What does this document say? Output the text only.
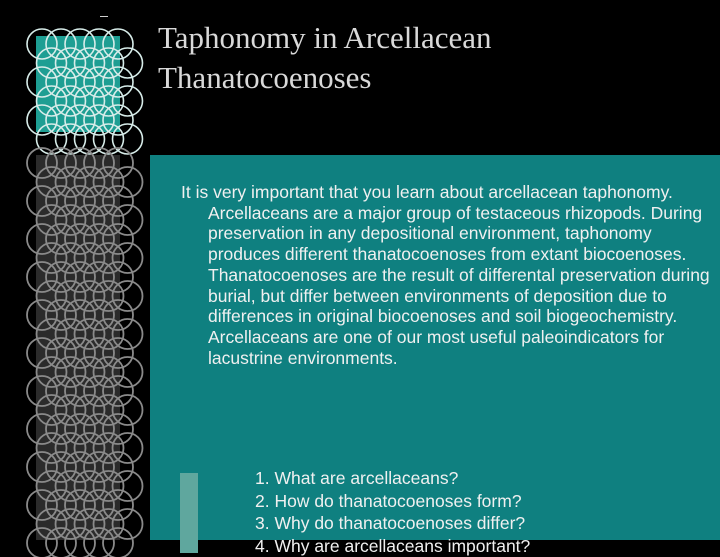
Taphonomy in Arcellacean
Thanatocoenoses

It is very important that you learn about arcellacean taphonomy. Arcellaceans are a major group of testaceous rhizopods. During preservation in any depositional environment, taphonomy produces different thanatocoenoses from extant biocoenoses. Thanatocoenoses are the result of differental preservation during burial, but differ between environments of deposition due to differences in original biocoenoses and soil biogeochemistry. Arcellaceans are one of our most useful paleoindicators for lacustrine environments.

1. What are arcellaceans?
2. How do thanatocoenoses form?
3. Why do thanatocoenoses differ?
4. Why are arcellaceans important?
